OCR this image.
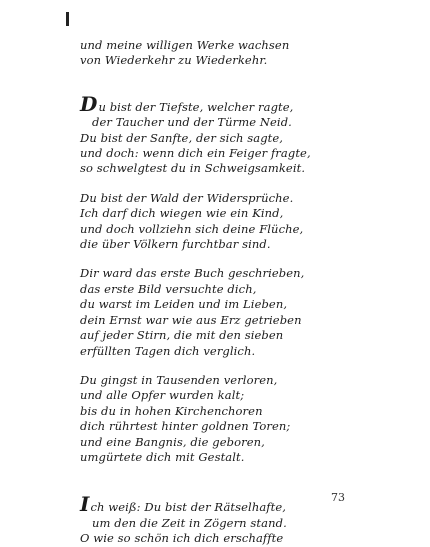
und meine willigen Werke wachsen
von Wiederkehr zu Wiederkehr.
Du bist der Tiefste, welcher ragte,
der Taucher und der Türme Neid.
Du bist der Sanfte, der sich sagte,
und doch: wenn dich ein Feiger fragte,
so schwelgtest du in Schweigsamkeit.
Du bist der Wald der Widersprüche.
Ich darf dich wiegen wie ein Kind,
und doch vollziehn sich deine Flüche,
die über Völkern furchtbar sind.
Dir ward das erste Buch geschrieben,
das erste Bild versuchte dich,
du warst im Leiden und im Lieben,
dein Ernst war wie aus Erz getrieben
auf jeder Stirn, die mit den sieben
erfüllten Tagen dich verglich.
Du gingst in Tausenden verloren,
und alle Opfer wurden kalt;
bis du in hohen Kirchenchoren
dich rührtest hinter goldnen Toren;
und eine Bangnis, die geboren,
umgürtete dich mit Gestalt.
Ich weiß: Du bist der Rätselhafte,
um den die Zeit in Zögern stand.
O wie so schön ich dich erschaffte
73
